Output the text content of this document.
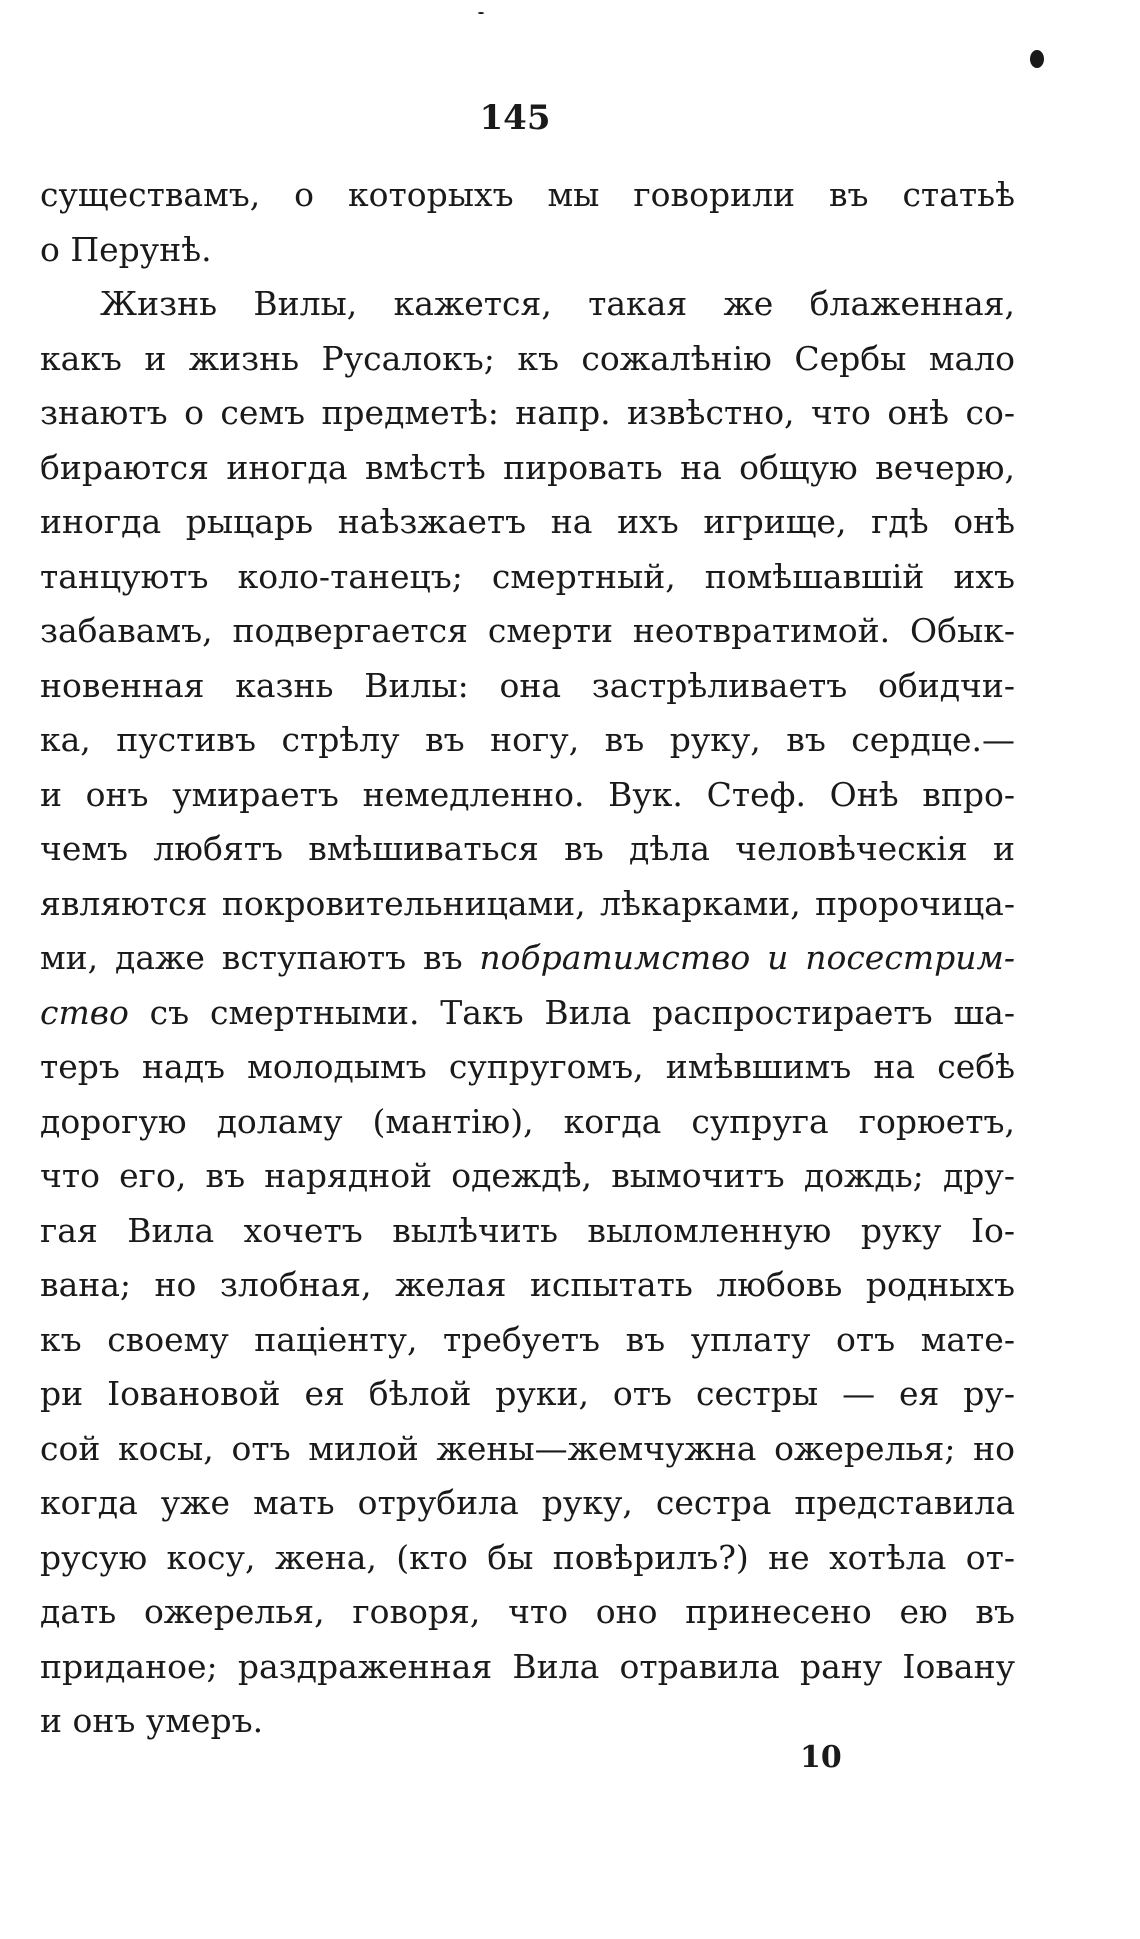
145
существамъ, о которыхъ мы говорили въ статьѣ
о Перунѣ.
Жизнь Вилы, кажется, такая же блаженная,
какъ и жизнь Русалокъ; къ сожалѣнію Сербы мало
знаютъ о семъ предметѣ: напр. извѣстно, что онѣ со-
бираются иногда вмѣстѣ пировать на общую вечерю,
иногда рыцарь наѣзжаетъ на ихъ игрище, гдѣ онѣ
танцуютъ коло-танецъ; смертный, помѣшавшій ихъ
забавамъ, подвергается смерти неотвратимой. Обык-
новенная казнь Вилы: она застрѣливаетъ обидчи-
ка, пустивъ стрѣлу въ ногу, въ руку, въ сердце.—
и онъ умираетъ немедленно. Вук. Стеф. Онѣ впро-
чемъ любятъ вмѣшиваться въ дѣла человѣческія и
являются покровительницами, лѣкарками, пророчица-
ми, даже вступаютъ въ побратимство и посестрим-
ство съ смертными. Такъ Вила распростираетъ ша-
теръ надъ молодымъ супругомъ, имѣвшимъ на себѣ
дорогую доламу (мантію), когда супруга горюетъ,
что его, въ нарядной одеждѣ, вымочитъ дождь; дру-
гая Вила хочетъ вылѣчить выломленную руку Іо-
вана; но злобная, желая испытать любовь родныхъ
къ своему паціенту, требуетъ въ уплату отъ мате-
ри Іовановой ея бѣлой руки, отъ сестры — ея ру-
сой косы, отъ милой жены—жемчужна ожерелья; но
когда уже мать отрубила руку, сестра представила
русую косу, жена, (кто бы повѣрилъ?) не хотѣла от-
дать ожерелья, говоря, что оно принесено ею въ
приданое; раздраженная Вила отравила рану Іовану
и онъ умеръ.
10
